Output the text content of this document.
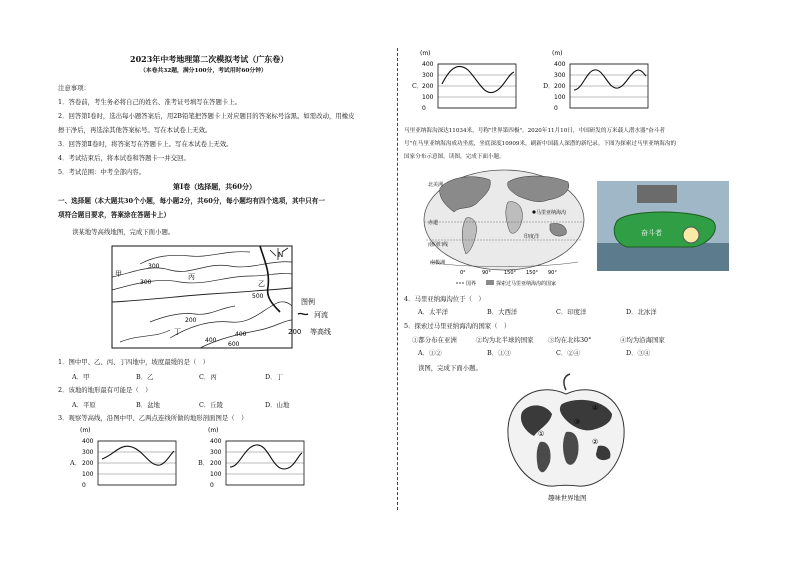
2023年中考地理第二次模拟考试（广东卷）
（本卷共32题，满分100分，考试用时60分钟）
注意事项：
1．答卷前，考生务必将自己的姓名、准考证号填写在答题卡上。
2．回答第Ⅰ卷时，选出每小题答案后，用2B铅笔把答题卡上对应题目的答案标号涂黑。如需改动，用橡皮
擦干净后，再选涂其他答案标号。写在本试卷上无效。
3．回答第Ⅱ卷时，将答案写在答题卡上。写在本试卷上无效。
4．考试结束后，将本试卷和答题卡一并交回。
5．考试范围：中考全部内容。
第Ⅰ卷（选择题，共60分）
一、选择题（本大题共30个小题，每小题2分，共60分，每小题均有四个选项，其中只有一
项符合题目要求，答案涂在答题卡上）
读某地等高线地图，完成下面小题。
N
甲
乙
丙
丁
300
300
500
400
200
400
600
图例
河流
200 等高线
1．图中甲、乙、丙、丁四地中，坡度最缓的是（　）
A．甲	B．乙	C．丙	D．丁
2．该地的地形最有可能是（　）
A．平原	B．盆地	C．丘陵	D．山地
3．观察等高线，沿图中甲、乙两点连线所做的地形剖面图是（　）
A．	B．
C．	D．
(m)
400
300
200
100
0
(m)
400
300
200
100
0
(m)
400
300
200
100
0
(m)
400
300
200
100
0
马里亚纳海沟深达11034米，号称"世界第四极"。2020年11月10日，中国研发的万米载人潜水器"奋斗者
号"在马里亚纳海沟成功坐底，坐底深度10909米，刷新中国载人深潜的新纪录。下图为探索过马里亚纳海沟的
国家分布示意图。读图，完成下面小题。
北美洲
马里亚纳海沟
印度洋
南回归线
南极洲
赤道
0°	90°	150° 150° 90°
国界	探索过马里亚纳海沟的国家
奋斗者
4．马里亚纳海沟位于（　）
A．太平洋	B．大西洋	C．印度洋	D．北冰洋
5．探索过马里亚纳海沟的国家（　）
①都分布在亚洲	②均为北半球的国家 ③均在北纬30°	④均为沿海国家
A．①②	B．①③	C．②④	D．③④
读图，完成下面小题。
④
③
①
②
趣味世界地图
